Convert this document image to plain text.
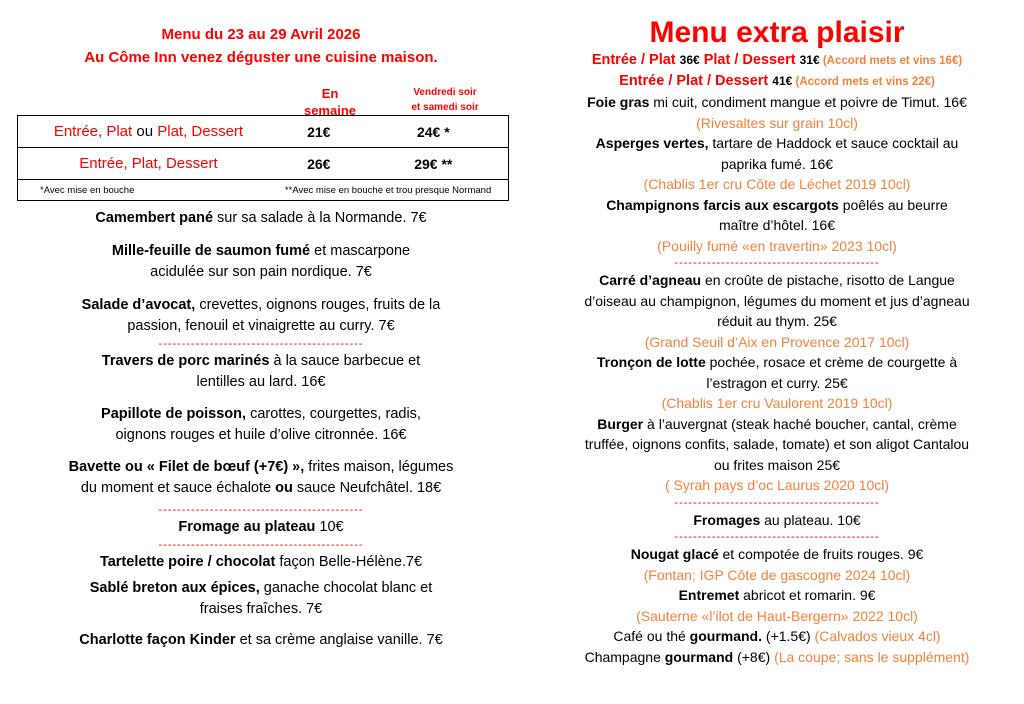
Menu du 23 au 29 Avril 2026
Au Côme Inn venez déguster une cuisine maison.
En
semaine
Vendredi soir
et samedi soir
Entrée, Plat ou Plat, Dessert	21€	24€ *
Entrée, Plat, Dessert	26€	29€ **
*Avec mise en bouche	**Avec mise en bouche et trou presque Normand	
Camembert pané sur sa salade à la Normande. 7€
Mille-feuille de saumon fumé et mascarpone
acidulée sur son pain nordique. 7€
Salade d’avocat, crevettes, oignons rouges, fruits de la
passion, fenouil et vinaigrette au curry. 7€
--------------------------------------------
Travers de porc marinés à la sauce barbecue et
lentilles au lard. 16€
Papillote de poisson, carottes, courgettes, radis,
oignons rouges et huile d’olive citronnée. 16€
Bavette ou « Filet de bœuf (+7€) », frites maison, légumes
du moment et sauce échalote ou sauce Neufchâtel. 18€
--------------------------------------------
Fromage au plateau 10€
--------------------------------------------
Tartelette poire / chocolat façon Belle-Hélène.7€
Sablé breton aux épices, ganache chocolat blanc et
fraises fraîches. 7€
Charlotte façon Kinder et sa crème anglaise vanille. 7€
Menu extra plaisir
Entrée / Plat 36€ Plat / Dessert 31€ (Accord mets et vins 16€)
Entrée / Plat / Dessert 41€ (Accord mets et vins 22€)
Foie gras mi cuit, condiment mangue et poivre de Timut. 16€
(Rivesaltes sur grain 10cl)
Asperges vertes, tartare de Haddock et sauce cocktail au
paprika fumé. 16€
(Chablis 1er cru Côte de Léchet 2019 10cl)
Champignons farcis aux escargots poêlés au beurre
maître d’hôtel. 16€
(Pouilly fumé «en travertin» 2023 10cl)
--------------------------------------------
Carré d’agneau en croûte de pistache, risotto de Langue
d’oiseau au champignon, légumes du moment et jus d’agneau
réduit au thym. 25€
(Grand Seuil d’Aix en Provence 2017 10cl)
Tronçon de lotte pochée, rosace et crème de courgette à
l’estragon et curry. 25€
(Chablis 1er cru Vaulorent 2019 10cl)
Burger à l’auvergnat (steak haché boucher, cantal, crème
truffée, oignons confits, salade, tomate) et son aligot Cantalou
ou frites maison 25€
( Syrah pays d’oc Laurus 2020 10cl)
--------------------------------------------
Fromages au plateau. 10€
--------------------------------------------
Nougat glacé et compotée de fruits rouges. 9€
(Fontan; IGP Côte de gascogne 2024 10cl)
Entremet abricot et romarin. 9€
(Sauterne «l’ilot de Haut-Bergern» 2022 10cl)
Café ou thé gourmand. (+1.5€) (Calvados vieux 4cl)
Champagne gourmand (+8€) (La coupe; sans le supplément)
